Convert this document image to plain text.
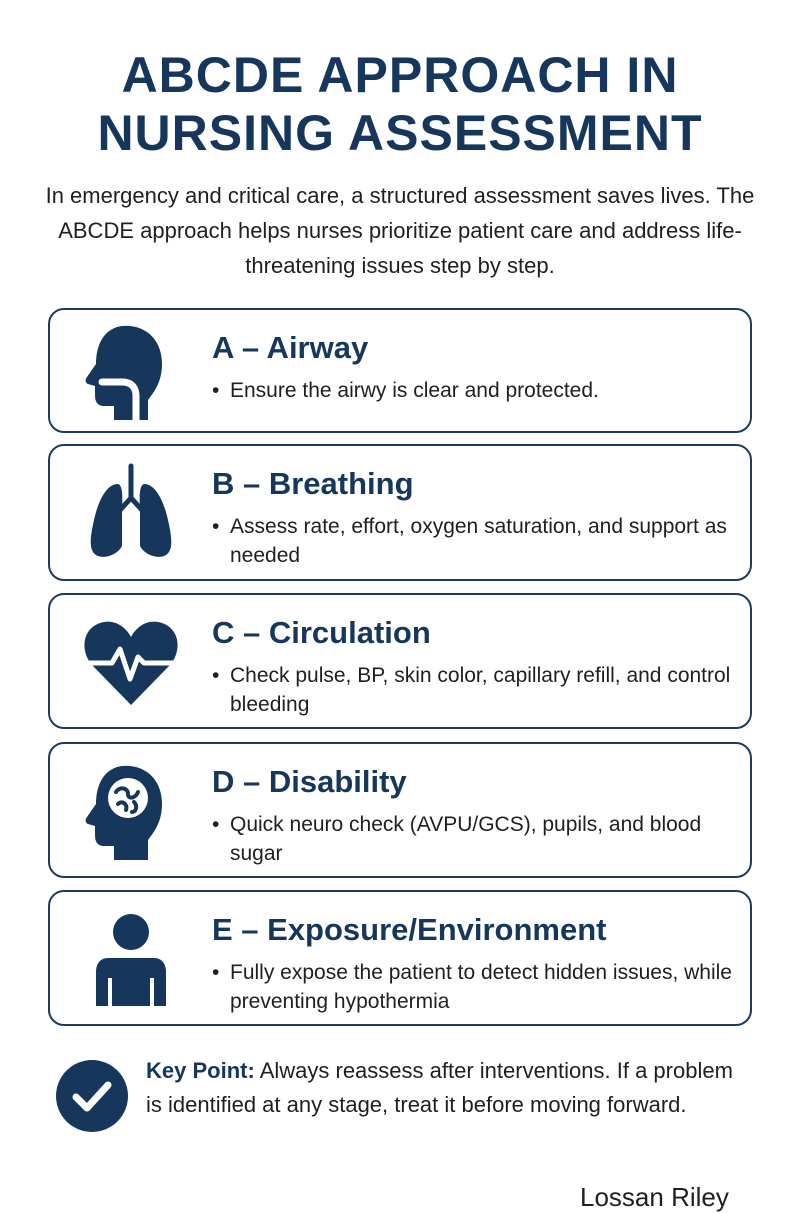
ABCDE APPROACH IN
NURSING ASSESSMENT

In emergency and critical care, a structured assessment saves lives. The ABCDE approach helps nurses prioritize patient care and address life-threatening issues step by step.

A – Airway
• Ensure the airwy is clear and protected.
B – Breathing
• Assess rate, effort, oxygen saturation, and support as needed
C – Circulation
• Check pulse, BP, skin color, capillary refill, and control bleeding
D – Disability
• Quick neuro check (AVPU/GCS), pupils, and blood sugar
E – Exposure/Environment
• Fully expose the patient to detect hidden issues, while preventing hypothermia

Key Point: Always reassess after interventions. If a problem is identified at any stage, treat it before moving forward.

Lossan Riley
